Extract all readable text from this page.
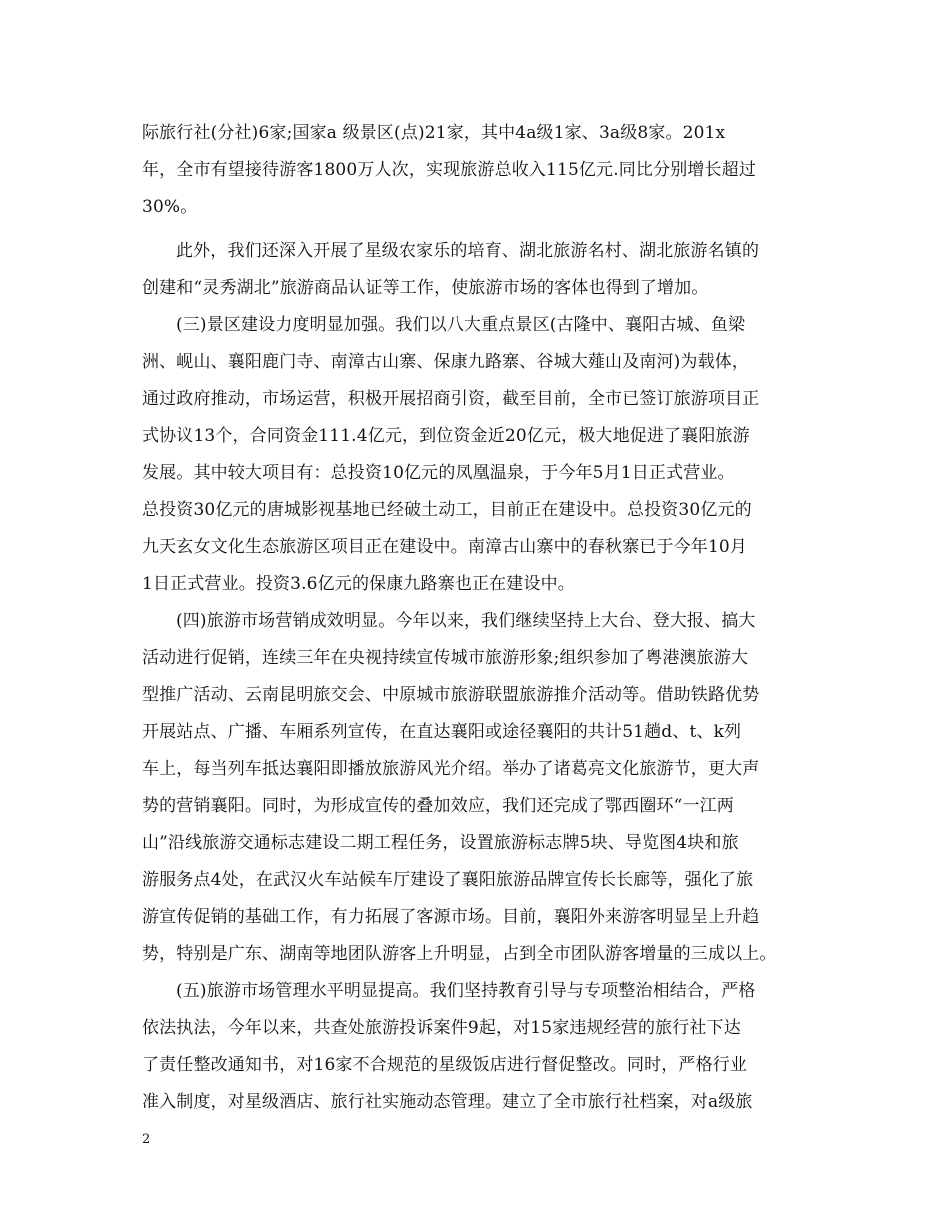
际旅行社(分社)6家;国家a 级景区(点)21家，其中4a级1家、3a级8家。201x
年，全市有望接待游客1800万人次，实现旅游总收入115亿元.同比分别增长超过
30%。
此外，我们还深入开展了星级农家乐的培育、湖北旅游名村、湖北旅游名镇的
创建和“灵秀湖北”旅游商品认证等工作，使旅游市场的客体也得到了增加。
(三)景区建设力度明显加强。我们以八大重点景区(古隆中、襄阳古城、鱼梁
洲、岘山、襄阳鹿门寺、南漳古山寨、保康九路寨、谷城大薤山及南河)为载体，
通过政府推动，市场运营，积极开展招商引资，截至目前，全市已签订旅游项目正
式协议13个，合同资金111.4亿元，到位资金近20亿元，极大地促进了襄阳旅游
发展。其中较大项目有：总投资10亿元的凤凰温泉，于今年5月1日正式营业。
总投资30亿元的唐城影视基地已经破土动工，目前正在建设中。总投资30亿元的
九天玄女文化生态旅游区项目正在建设中。南漳古山寨中的春秋寨已于今年10月
1日正式营业。投资3.6亿元的保康九路寨也正在建设中。
(四)旅游市场营销成效明显。今年以来，我们继续坚持上大台、登大报、搞大
活动进行促销，连续三年在央视持续宣传城市旅游形象;组织参加了粤港澳旅游大
型推广活动、云南昆明旅交会、中原城市旅游联盟旅游推介活动等。借助铁路优势
开展站点、广播、车厢系列宣传，在直达襄阳或途径襄阳的共计51趟d、t、k列
车上，每当列车抵达襄阳即播放旅游风光介绍。举办了诸葛亮文化旅游节，更大声
势的营销襄阳。同时，为形成宣传的叠加效应，我们还完成了鄂西圈环“一江两
山”沿线旅游交通标志建设二期工程任务，设置旅游标志牌5块、导览图4块和旅
游服务点4处，在武汉火车站候车厅建设了襄阳旅游品牌宣传长长廊等，强化了旅
游宣传促销的基础工作，有力拓展了客源市场。目前，襄阳外来游客明显呈上升趋
势，特别是广东、湖南等地团队游客上升明显，占到全市团队游客增量的三成以上。
(五)旅游市场管理水平明显提高。我们坚持教育引导与专项整治相结合，严格
依法执法，今年以来，共查处旅游投诉案件9起，对15家违规经营的旅行社下达
了责任整改通知书，对16家不合规范的星级饭店进行督促整改。同时，严格行业
准入制度，对星级酒店、旅行社实施动态管理。建立了全市旅行社档案，对a级旅
2
